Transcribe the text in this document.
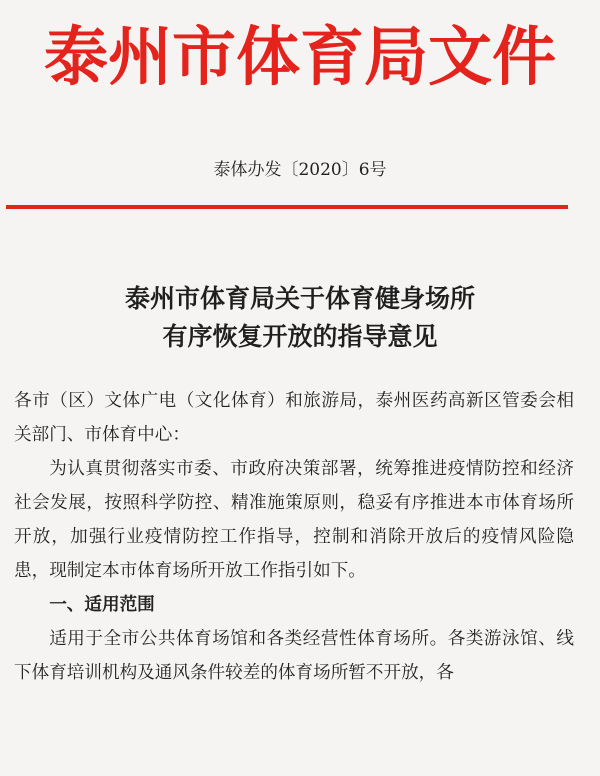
泰州市体育局文件
泰体办发〔2020〕6号
泰州市体育局关于体育健身场所
有序恢复开放的指导意见

各市（区）文体广电（文化体育）和旅游局，泰州医药高新区管委会相关部门、市体育中心：

为认真贯彻落实市委、市政府决策部署，统筹推进疫情防控和经济社会发展，按照科学防控、精准施策原则，稳妥有序推进本市体育场所开放，加强行业疫情防控工作指导，控制和消除开放后的疫情风险隐患，现制定本市体育场所开放工作指引如下。

一、适用范围

适用于全市公共体育场馆和各类经营性体育场所。各类游泳馆、线下体育培训机构及通风条件较差的体育场所暂不开放，各
